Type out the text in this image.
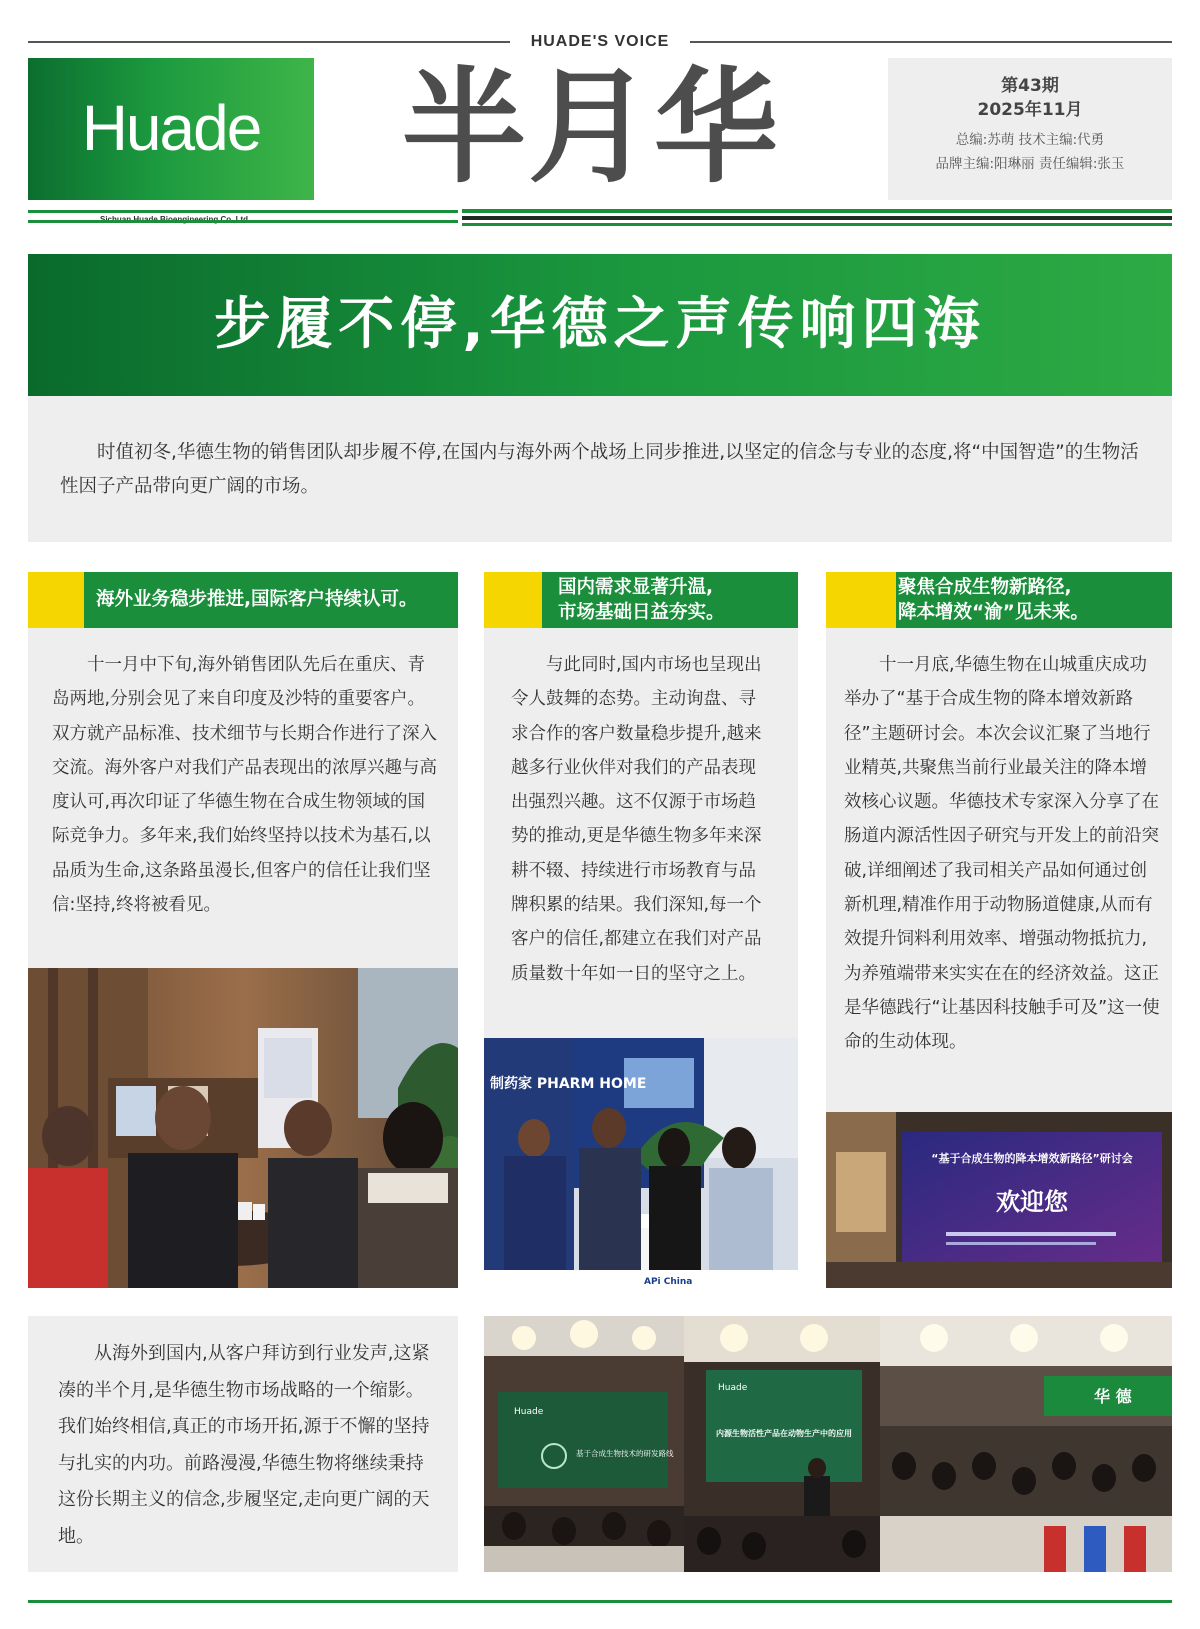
HUADE'S VOICE
Huade	半月华	第43期
2025年11月
总编:苏萌 技术主编:代勇
品牌主编:阳琳丽 责任编辑:张玉
步履不停,华德之声传响四海
时值初冬,华德生物的销售团队却步履不停,在国内与海外两个战场上同步推进,以坚定的信念与专业的态度,将“中国智造”的生物活性因子产品带向更广阔的市场。
海外业务稳步推进,国际客户持续认可。
十一月中下旬,海外销售团队先后在重庆、青岛两地,分别会见了来自印度及沙特的重要客户。双方就产品标准、技术细节与长期合作进行了深入交流。海外客户对我们产品表现出的浓厚兴趣与高度认可,再次印证了华德生物在合成生物领域的国际竞争力。多年来,我们始终坚持以技术为基石,以品质为生命,这条路虽漫长,但客户的信任让我们坚信:坚持,终将被看见。
国内需求显著升温,
市场基础日益夯实。
与此同时,国内市场也呈现出令人鼓舞的态势。主动询盘、寻求合作的客户数量稳步提升,越来越多行业伙伴对我们的产品表现出强烈兴趣。这不仅源于市场趋势的推动,更是华德生物多年来深耕不辍、持续进行市场教育与品牌积累的结果。我们深知,每一个客户的信任,都建立在我们对产品质量数十年如一日的坚守之上。
制药家 PHARM HOME
APi China
聚焦合成生物新路径,
降本增效“渝”见未来。
十一月底,华德生物在山城重庆成功举办了“基于合成生物的降本增效新路径”主题研讨会。本次会议汇聚了当地行业精英,共聚焦当前行业最关注的降本增效核心议题。华德技术专家深入分享了在肠道内源活性因子研究与开发上的前沿突破,详细阐述了我司相关产品如何通过创新机理,精准作用于动物肠道健康,从而有效提升饲料利用效率、增强动物抵抗力,为养殖端带来实实在在的经济效益。这正是华德践行“让基因科技触手可及”这一使命的生动体现。
“基于合成生物的降本增效新路径”研讨会
欢迎您
从海外到国内,从客户拜访到行业发声,这紧凑的半个月,是华德生物市场战略的一个缩影。我们始终相信,真正的市场开拓,源于不懈的坚持与扎实的内功。前路漫漫,华德生物将继续秉持这份长期主义的信念,步履坚定,走向更广阔的天地。
Huade
基于合成生物技术的研发路线
Huade
内源生物活性产品在动物生产中的应用
华 德
